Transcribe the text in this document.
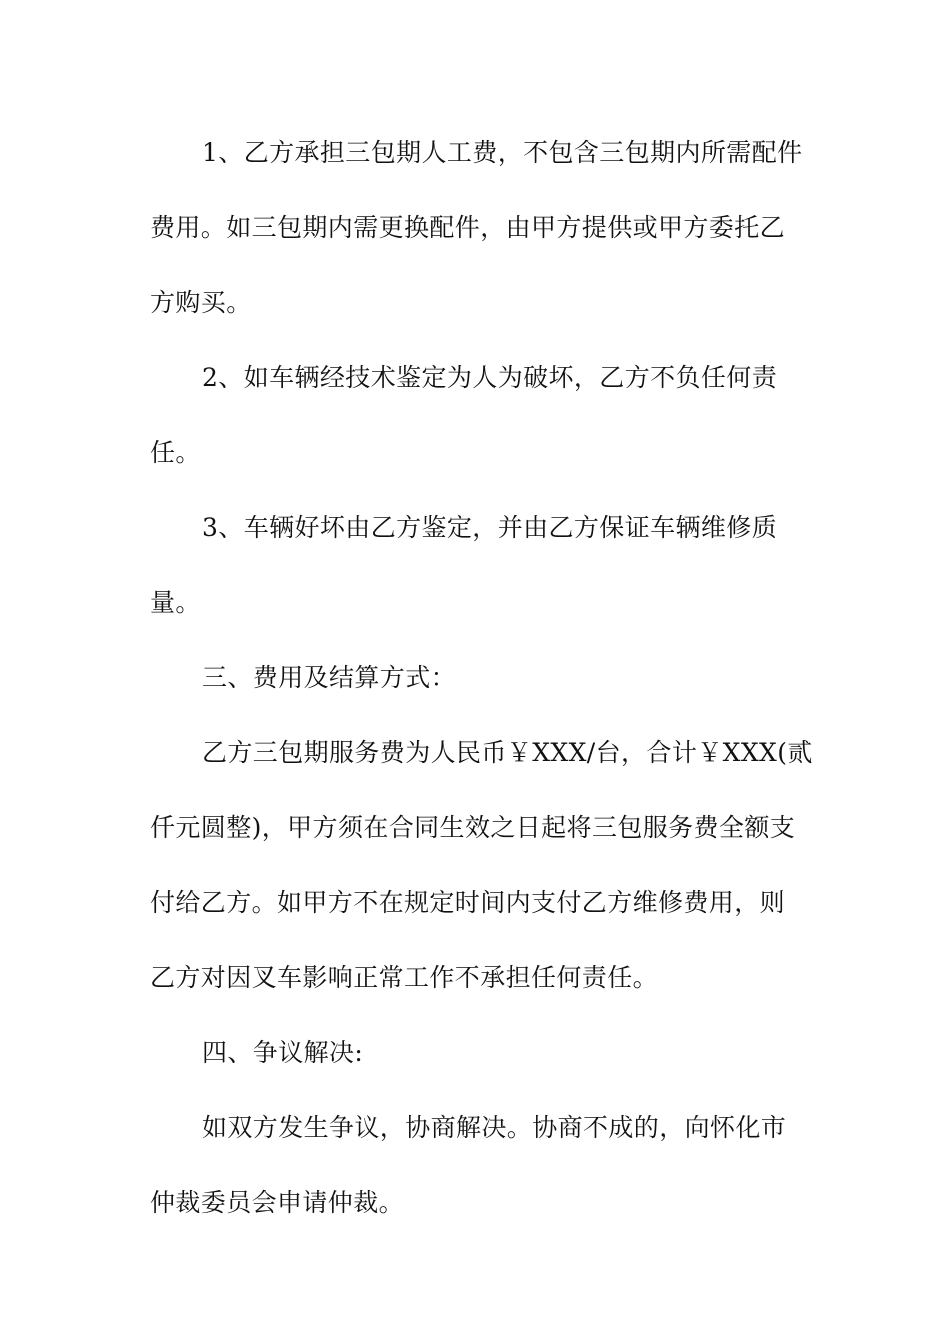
1、乙方承担三包期人工费，不包含三包期内所需配件
费用。如三包期内需更换配件，由甲方提供或甲方委托乙
方购买。
2、如车辆经技术鉴定为人为破坏，乙方不负任何责
任。
3、车辆好坏由乙方鉴定，并由乙方保证车辆维修质
量。
三、费用及结算方式：
乙方三包期服务费为人民币￥XXX/台，合计￥XXX(贰
仟元圆整)，甲方须在合同生效之日起将三包服务费全额支
付给乙方。如甲方不在规定时间内支付乙方维修费用，则
乙方对因叉车影响正常工作不承担任何责任。
四、争议解决:
如双方发生争议，协商解决。协商不成的，向怀化市
仲裁委员会申请仲裁。
